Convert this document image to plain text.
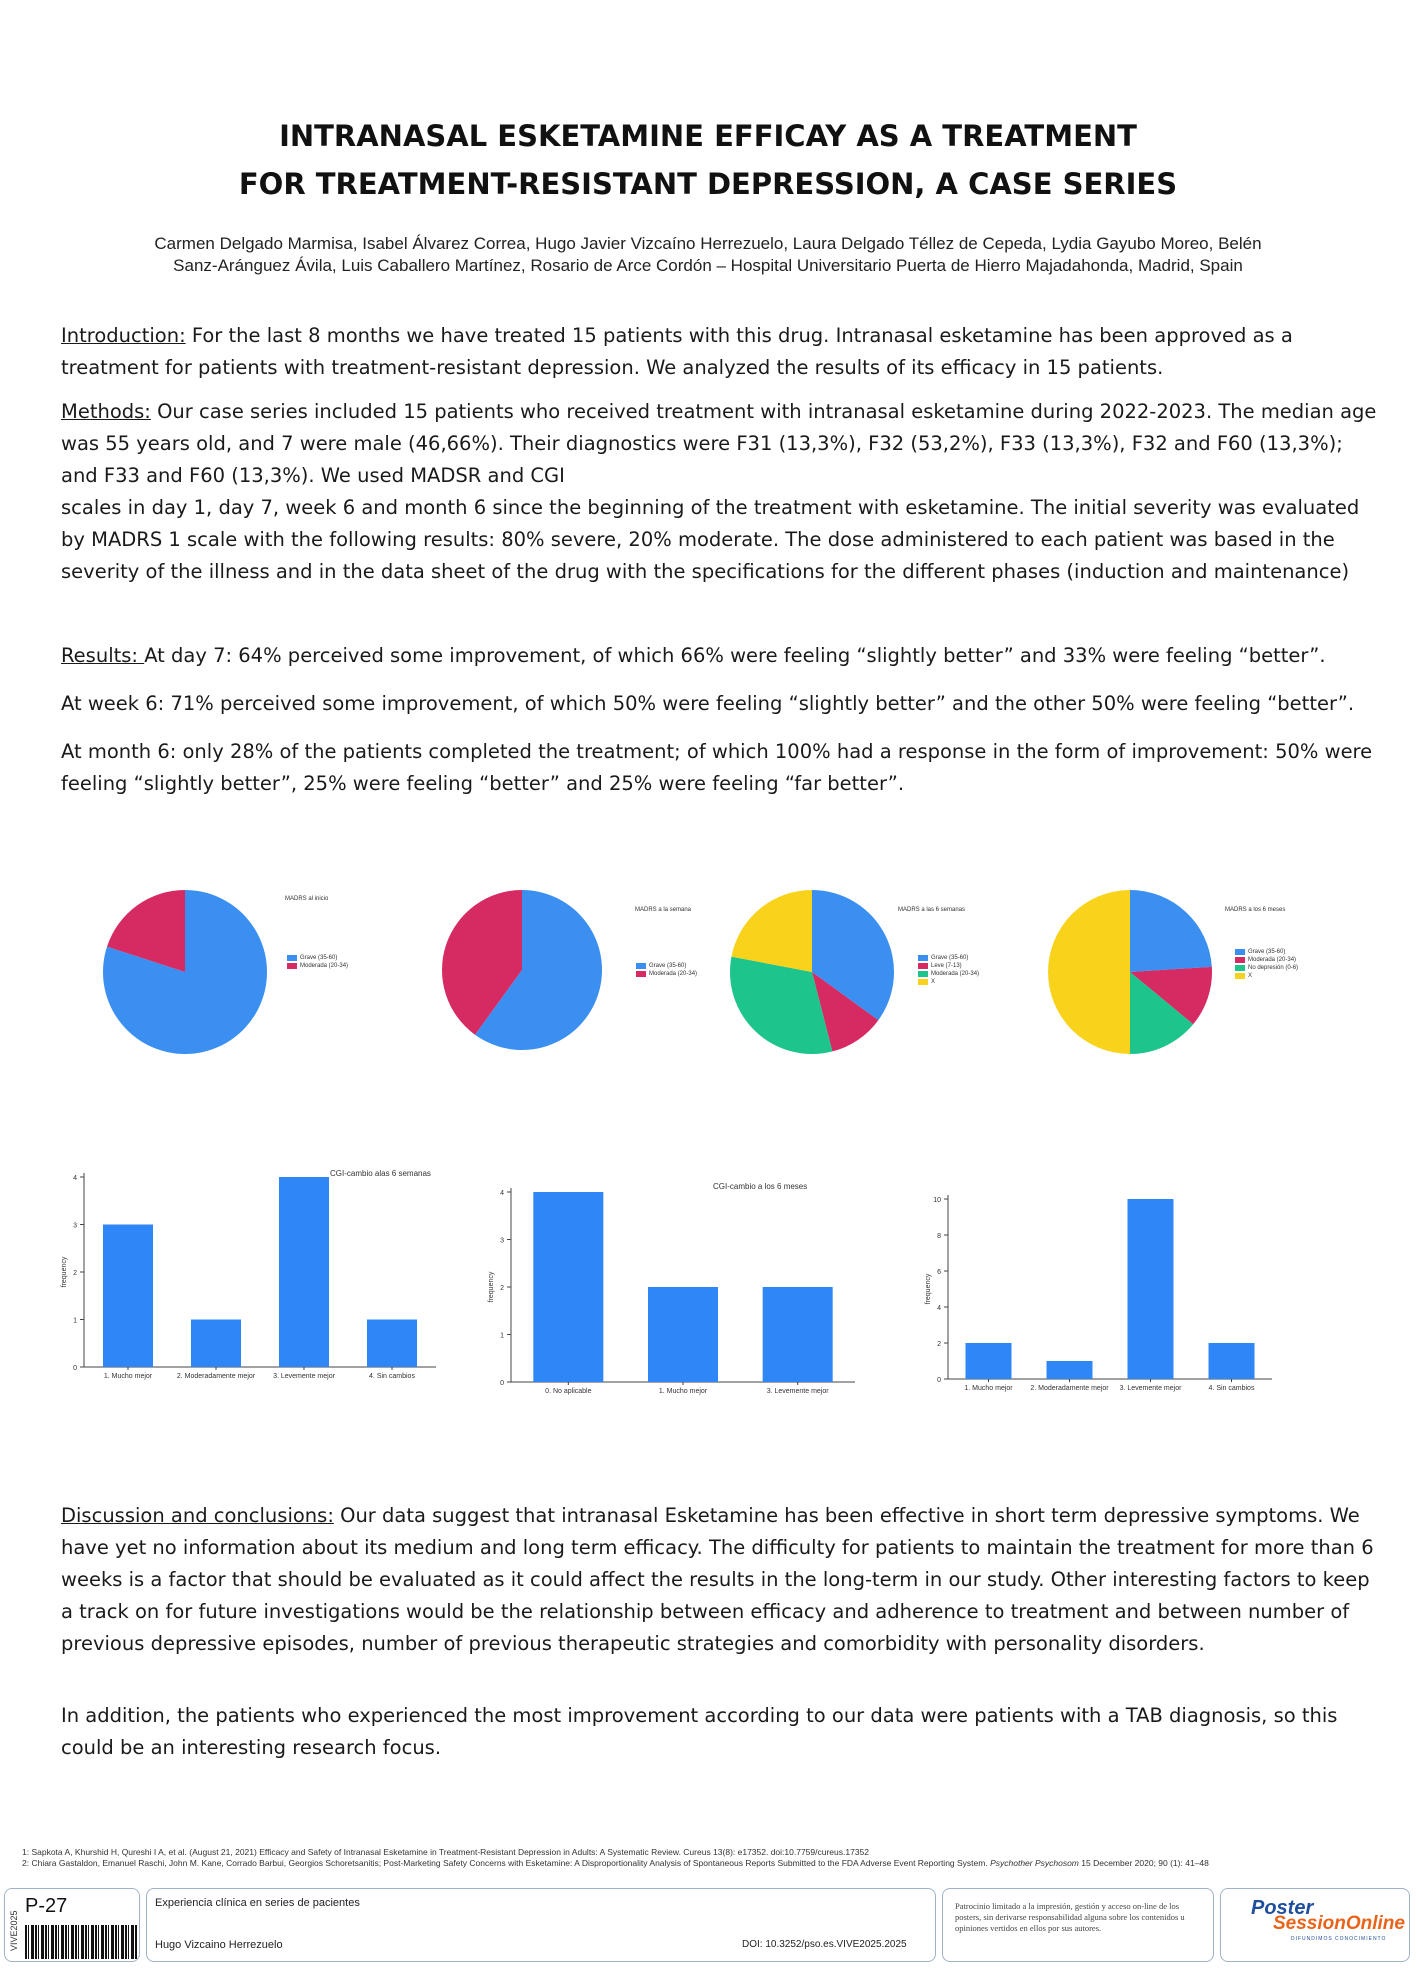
INTRANASAL ESKETAMINE EFFICAY AS A TREATMENT
FOR TREATMENT-RESISTANT DEPRESSION, A CASE SERIES
Carmen Delgado Marmisa, Isabel Álvarez Correa, Hugo Javier Vizcaíno Herrezuelo, Laura Delgado Téllez de Cepeda, Lydia Gayubo Moreo, Belén
Sanz-Aránguez Ávila, Luis Caballero Martínez, Rosario de Arce Cordón – Hospital Universitario Puerta de Hierro Majadahonda, Madrid, Spain

Introduction: For the last 8 months we have treated 15 patients with this drug. Intranasal esketamine has been approved as a treatment for patients with treatment-resistant depression. We analyzed the results of its efficacy in 15 patients.

Methods: Our case series included 15 patients who received treatment with intranasal esketamine during 2022-2023. The median age was 55 years old, and 7 were male (46,66%). Their diagnostics were F31 (13,3%), F32 (53,2%), F33 (13,3%), F32 and F60 (13,3%); and F33 and F60 (13,3%). We used MADSR and CGI

scales in day 1, day 7, week 6 and month 6 since the beginning of the treatment with esketamine. The initial severity was evaluated by MADRS 1 scale with the following results: 80% severe, 20% moderate. The dose administered to each patient was based in the severity of the illness and in the data sheet of the drug with the specifications for the different phases (induction and maintenance)

Results: At day 7: 64% perceived some improvement, of which 66% were feeling “slightly better” and 33% were feeling “better”.

At week 6: 71% perceived some improvement, of which 50% were feeling “slightly better” and the other 50% were feeling “better”.

At month 6: only 28% of the patients completed the treatment; of which 100% had a response in the form of improvement: 50% were feeling “slightly better”, 25% were feeling “better” and 25% were feeling “far better”.

MADRS al inicio
Grave (35-60)
Moderada (20-34)
MADRS a la semana
Grave (35-60)
Moderada (20-34)
MADRS a las 6 semanas
Grave (35-60)
Leve (7-13)
Moderada (20-34)
X
MADRS a los 6 meses
Grave (35-60)
Moderada (20-34)
No depresión (0-6)
X
0
1
2
3
4
frequency
1. Mucho mejor	2. Moderadamente mejor	3. Levemente mejor	4. Sin cambios
CGI-cambio alas 6 semanas
0
1
2
3
4
frequency
0. No aplicable	1. Mucho mejor	3. Levemente mejor
CGI-cambio a los 6 meses
0
2
4
6
8
10
frequency
1. Mucho mejor	2. Moderadamente mejor 3. Levemente mejor	4. Sin cambios

Discussion and conclusions: Our data suggest that intranasal Esketamine has been effective in short term depressive symptoms. We have yet no information about its medium and long term efficacy. The difficulty for patients to maintain the treatment for more than 6 weeks is a factor that should be evaluated as it could affect the results in the long-term in our study. Other interesting factors to keep a track on for future investigations would be the relationship between efficacy and adherence to treatment and between number of previous depressive episodes, number of previous therapeutic strategies and comorbidity with personality disorders.

In addition, the patients who experienced the most improvement according to our data were patients with a TAB diagnosis, so this could be an interesting research focus.

1: Sapkota A, Khurshid H, Qureshi I A, et al. (August 21, 2021) Efficacy and Safety of Intranasal Esketamine in Treatment-Resistant Depression in Adults: A Systematic Review. Cureus 13(8): e17352. doi:10.7759/cureus.17352
2: Chiara Gastaldon, Emanuel Raschi, John M. Kane, Corrado Barbui, Georgios Schoretsanitis; Post-Marketing Safety Concerns with Esketamine: A Disproportionality Analysis of Spontaneous Reports Submitted to the FDA Adverse Event Reporting System. Psychother Psychosom 15 December 2020; 90 (1): 41–48
VIVE2025
P-27	Experiencia clínica en series de pacientes
Hugo Vizcaino Herrezuelo	DOI: 10.3252/pso.es.VIVE2025.2025
Patrocinio limitado a la impresión, gestión y acceso on-line de los posters, sin derivarse responsabilidad alguna sobre los contenidos u opiniones vertidos en ellos por sus autores.
Poster
SessionOnline
DIFUNDIMOS CONOCIMIENTO
